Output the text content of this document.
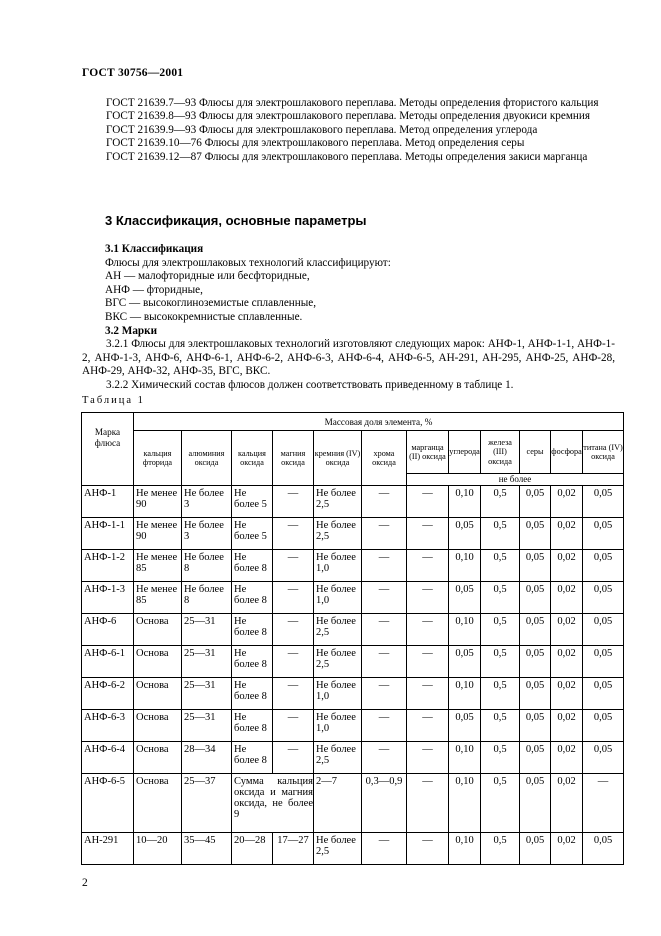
ГОСТ 30756—2001

ГОСТ 21639.7—93 Флюсы для электрошлакового переплава. Методы определения фтористого кальция

ГОСТ 21639.8—93 Флюсы для электрошлакового переплава. Методы определения двуокиси кремния

ГОСТ 21639.9—93 Флюсы для электрошлакового переплава. Метод определения углерода

ГОСТ 21639.10—76 Флюсы для электрошлакового переплава. Метод определения серы

ГОСТ 21639.12—87 Флюсы для электрошлакового переплава. Методы определения закиси марганца

3 Классификация, основные параметры

3.1 Классификация

Флюсы для электрошлаковых технологий классифицируют:

АН — малофторидные или бесфторидные,

АНФ — фторидные,

ВГС — высокоглиноземистые сплавленные,

ВКС — высококремнистые сплавленные.

3.2 Марки

3.2.1 Флюсы для электрошлаковых технологий изготовляют следующих марок: АНФ-1, АНФ-1-1, АНФ-1-2, АНФ-1-3, АНФ-6, АНФ-6-1, АНФ-6-2, АНФ-6-3, АНФ-6-4, АНФ-6-5, АН-291, АН-295, АНФ-25, АНФ-28, АНФ-29, АНФ-32, АНФ-35, ВГС, ВКС.

3.2.2 Химический состав флюсов должен соответствовать приведенному в таблице 1.

Таблица 1
Марка флюса	Массовая доля элемента, %											
	кальция фторида	алюминия оксида	кальция оксида	магния оксида	кремния (IV) оксида	хрома оксида	марганца (II) оксида	углерода	железа (III) оксида	серы	фосфора	титана (IV) оксида
							не более					
АНФ-1	Не менее 90	Не более 3	Не более 5	—	Не более 2,5	—	—	0,10	0,5	0,05	0,02	0,05
АНФ-1-1	Не менее 90	Не более 3	Не более 5	—	Не более 2,5	—	—	0,05	0,5	0,05	0,02	0,05
АНФ-1-2	Не менее 85	Не более 8	Не более 8	—	Не более 1,0	—	—	0,10	0,5	0,05	0,02	0,05
АНФ-1-3	Не менее 85	Не более 8	Не более 8	—	Не более 1,0	—	—	0,05	0,5	0,05	0,02	0,05
АНФ-6	Основа	25—31	Не более 8	—	Не более 2,5	—	—	0,10	0,5	0,05	0,02	0,05
АНФ-6-1	Основа	25—31	Не более 8	—	Не более 2,5	—	—	0,05	0,5	0,05	0,02	0,05
АНФ-6-2	Основа	25—31	Не более 8	—	Не более 1,0	—	—	0,10	0,5	0,05	0,02	0,05
АНФ-6-3	Основа	25—31	Не более 8	—	Не более 1,0	—	—	0,05	0,5	0,05	0,02	0,05
АНФ-6-4	Основа	28—34	Не более 8	—	Не более 2,5	—	—	0,10	0,5	0,05	0,02	0,05
АНФ-6-5	Основа	25—37	Сумма кальция оксида и магния оксида, не более 9		2—7	0,3—0,9	—	0,10	0,5	0,05	0,02	—
АН-291	10—20	35—45	20—28	17—27	Не более 2,5	—	—	0,10	0,5	0,05	0,02	0,05
2
